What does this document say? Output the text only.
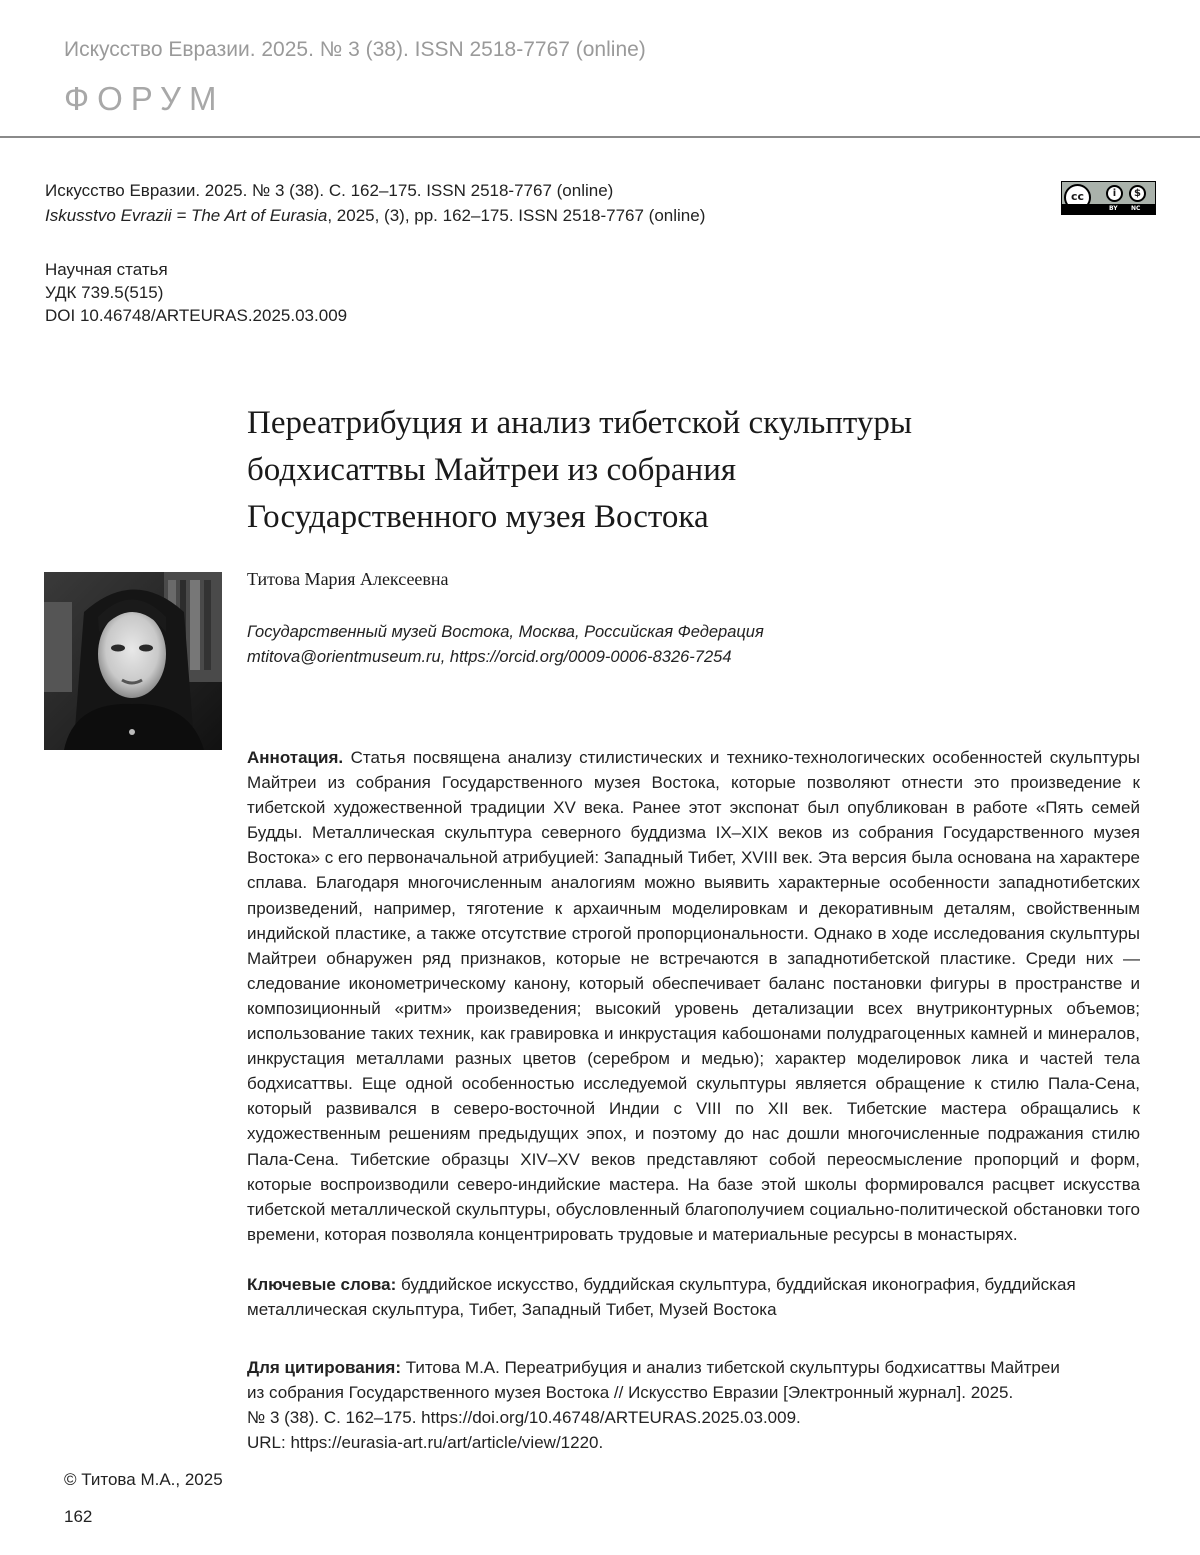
Искусство Евразии. 2025. № 3 (38). ISSN 2518-7767 (online)
ФОРУМ
Искусство Евразии. 2025. № 3 (38). С. 162–175. ISSN 2518-7767 (online)
Iskusstvo Evrazii = The Art of Eurasia, 2025, (3), pp. 162–175. ISSN 2518-7767 (online)
cc	i	$
BY NC
Научная статья
УДК 739.5(515)
DOI 10.46748/ARTEURAS.2025.03.009
Переатрибуция и анализ тибетской скульптуры
бодхисаттвы Майтреи из собрания
Государственного музея Востока
Титова Мария Алексеевна
Государственный музей Востока, Москва, Российская Федерация
mtitova@orientmuseum.ru, https://orcid.org/0009-0006-8326-7254

Аннотация. Статья посвящена анализу стилистических и технико-технологических особенностей скульптуры Майтреи из собрания Государственного музея Востока, которые позволяют отнести это произведение к тибетской художественной традиции XV века. Ранее этот экспонат был опубликован в работе «Пять семей Будды. Металлическая скульптура северного буддизма IX–XIX веков из собрания Государственного музея Востока» с его первоначальной атрибуцией: Западный Тибет, XVIII век. Эта версия была основана на характере сплава. Благодаря многочисленным аналогиям можно выявить характерные особенности западнотибетских произведений, например, тяготение к архаичным моделировкам и декоративным деталям, свойственным индийской пластике, а также отсутствие строгой пропорциональности. Однако в ходе исследования скульптуры Майтреи обнаружен ряд признаков, которые не встречаются в западнотибетской пластике. Среди них — следование иконометрическому канону, который обеспечивает баланс постановки фигуры в пространстве и композиционный «ритм» произведения; высокий уровень детализации всех внутриконтурных объемов; использование таких техник, как гравировка и инкрустация кабошонами полудрагоценных камней и минералов, инкрустация металлами разных цветов (серебром и медью); характер моделировок лика и частей тела бодхисаттвы. Еще одной особенностью исследуемой скульптуры является обращение к стилю Пала-Сена, который развивался в северо-восточной Индии с VIII по XII век. Тибетские мастера обращались к художественным решениям предыдущих эпох, и поэтому до нас дошли многочисленные подражания стилю Пала-Сена. Тибетские образцы XIV–XV веков представляют собой переосмысление пропорций и форм, которые воспроизводили северо-индийские мастера. На базе этой школы формировался расцвет искусства тибетской металлической скульптуры, обусловленный благополучием социально-политической обстановки того времени, которая позволяла концентрировать трудовые и материальные ресурсы в монастырях.

Ключевые слова: буддийское искусство, буддийская скульптура, буддийская иконография, буддийская металлическая скульптура, Тибет, Западный Тибет, Музей Востока

Для цитирования: Титова М.А. Переатрибуция и анализ тибетской скульптуры бодхисаттвы Майтреи
из собрания Государственного музея Востока // Искусство Евразии [Электронный журнал]. 2025.
№ 3 (38). С. 162–175. https://doi.org/10.46748/ARTEURAS.2025.03.009.
URL: https://eurasia-art.ru/art/article/view/1220.

© Титова М.А., 2025
162
